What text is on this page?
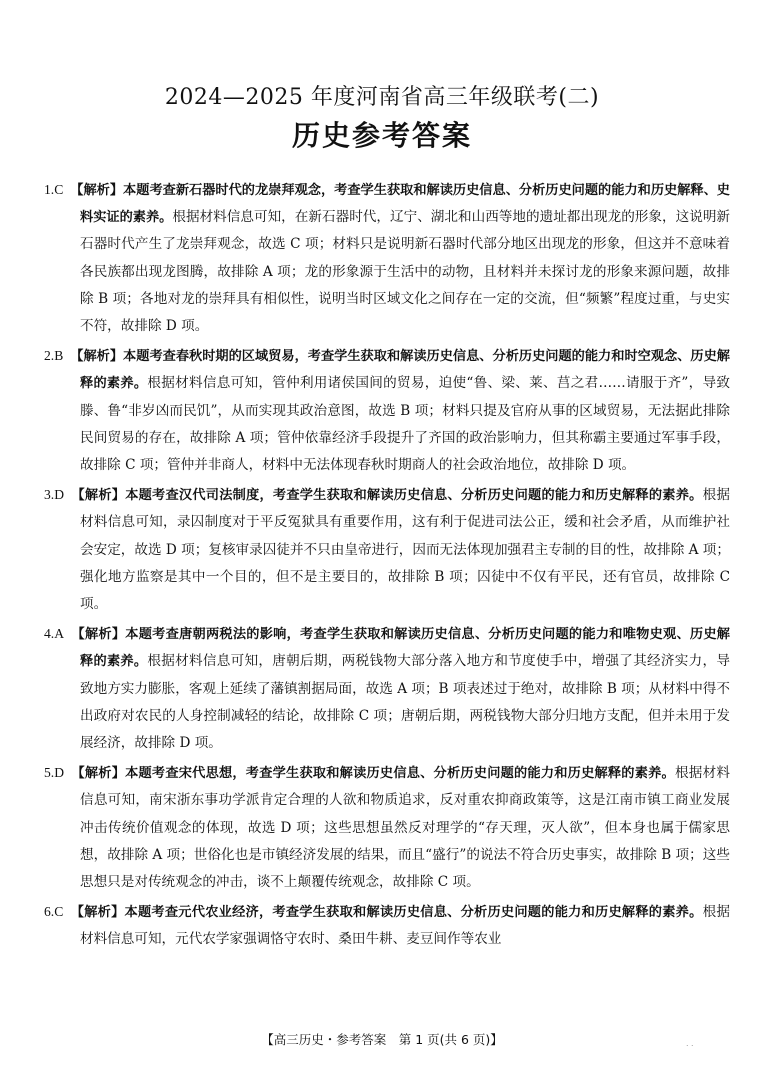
2024—2025 年度河南省高三年级联考(二)
历史参考答案

1.C　 【解析】本题考查新石器时代的龙崇拜观念，考查学生获取和解读历史信息、分析历史问题的能力和历史解释、史料实证的素养。根据材料信息可知，在新石器时代，辽宁、湖北和山西等地的遗址都出现龙的形象，这说明新石器时代产生了龙崇拜观念，故选 C 项；材料只是说明新石器时代部分地区出现龙的形象，但这并不意味着各民族都出现龙图腾，故排除 A 项；龙的形象源于生活中的动物，且材料并未探讨龙的形象来源问题，故排除 B 项；各地对龙的崇拜具有相似性，说明当时区域文化之间存在一定的交流，但“频繁”程度过重，与史实不符，故排除 D 项。

2.B　 【解析】本题考查春秋时期的区域贸易，考查学生获取和解读历史信息、分析历史问题的能力和时空观念、历史解释的素养。根据材料信息可知，管仲利用诸侯国间的贸易，迫使“鲁、梁、莱、莒之君……请服于齐”，导致滕、鲁“非岁凶而民饥”，从而实现其政治意图，故选 B 项；材料只提及官府从事的区域贸易，无法据此排除民间贸易的存在，故排除 A 项；管仲依靠经济手段提升了齐国的政治影响力，但其称霸主要通过军事手段，故排除 C 项；管仲并非商人，材料中无法体现春秋时期商人的社会政治地位，故排除 D 项。

3.D　 【解析】本题考查汉代司法制度，考查学生获取和解读历史信息、分析历史问题的能力和历史解释的素养。根据材料信息可知，录囚制度对于平反冤狱具有重要作用，这有利于促进司法公正，缓和社会矛盾，从而维护社会安定，故选 D 项；复核审录囚徒并不只由皇帝进行，因而无法体现加强君主专制的目的性，故排除 A 项；强化地方监察是其中一个目的，但不是主要目的，故排除 B 项；囚徒中不仅有平民，还有官员，故排除 C 项。

4.A　 【解析】本题考查唐朝两税法的影响，考查学生获取和解读历史信息、分析历史问题的能力和唯物史观、历史解释的素养。根据材料信息可知，唐朝后期，两税钱物大部分落入地方和节度使手中，增强了其经济实力，导致地方实力膨胀，客观上延续了藩镇割据局面，故选 A 项；B 项表述过于绝对，故排除 B 项；从材料中得不出政府对农民的人身控制减轻的结论，故排除 C 项；唐朝后期，两税钱物大部分归地方支配，但并未用于发展经济，故排除 D 项。

5.D　 【解析】本题考查宋代思想，考查学生获取和解读历史信息、分析历史问题的能力和历史解释的素养。根据材料信息可知，南宋浙东事功学派肯定合理的人欲和物质追求，反对重农抑商政策等，这是江南市镇工商业发展冲击传统价值观念的体现，故选 D 项；这些思想虽然反对理学的“存天理，灭人欲”，但本身也属于儒家思想，故排除 A 项；世俗化也是市镇经济发展的结果，而且“盛行”的说法不符合历史事实，故排除 B 项；这些思想只是对传统观念的冲击，谈不上颠覆传统观念，故排除 C 项。

6.C　 【解析】本题考查元代农业经济，考查学生获取和解读历史信息、分析历史问题的能力和历史解释的素养。根据材料信息可知，元代农学家强调恪守农时、桑田牛耕、麦豆间作等农业

【高三历史・参考答案　第 1 页(共 6 页)】	. .
